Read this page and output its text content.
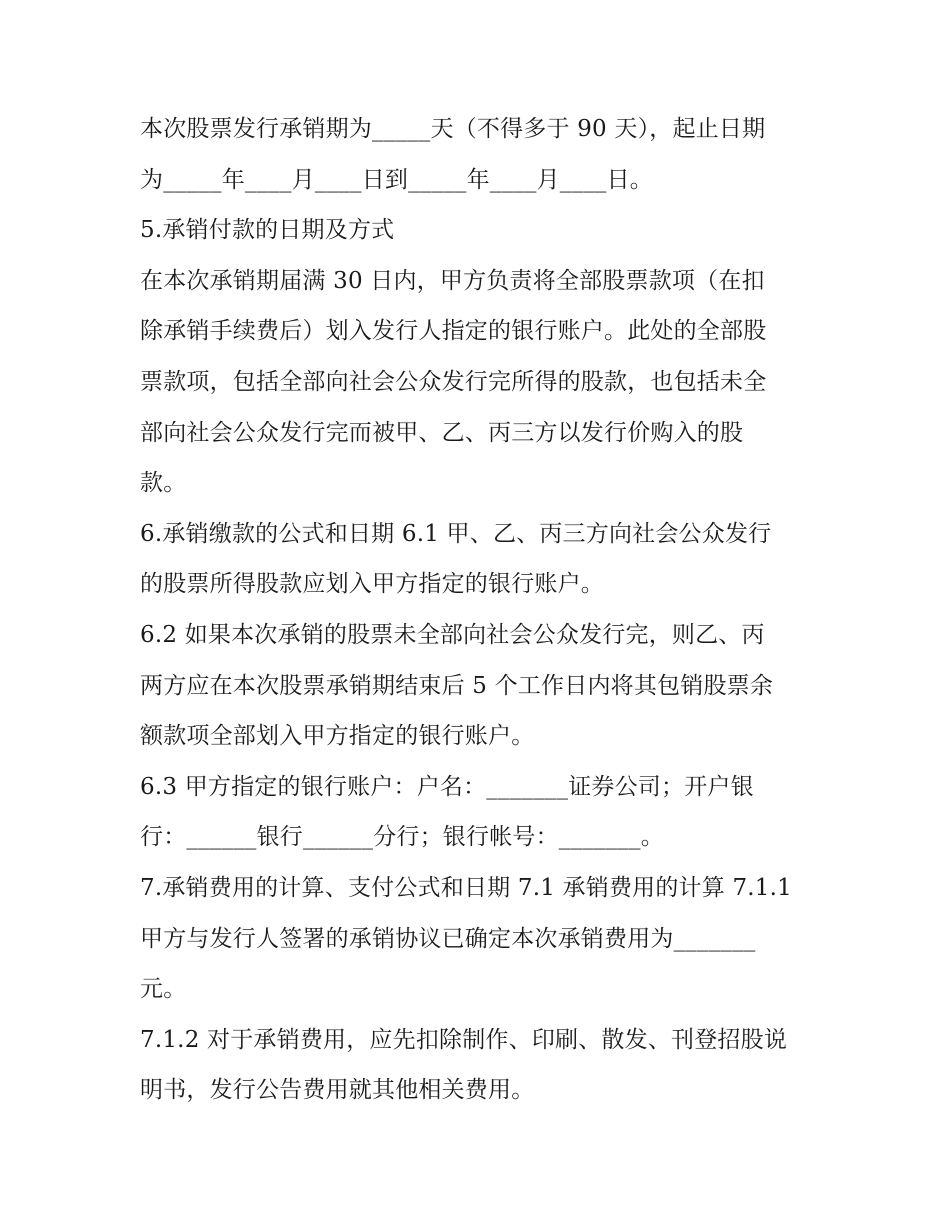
本次股票发行承销期为_____天（不得多于 90 天），起止日期
为_____年____月____日到_____年____月____日。
5.承销付款的日期及方式
在本次承销期届满 30 日内，甲方负责将全部股票款项（在扣
除承销手续费后）划入发行人指定的银行账户。此处的全部股
票款项，包括全部向社会公众发行完所得的股款，也包括未全
部向社会公众发行完而被甲、乙、丙三方以发行价购入的股
款。
6.承销缴款的公式和日期 6.1 甲、乙、丙三方向社会公众发行
的股票所得股款应划入甲方指定的银行账户。
6.2 如果本次承销的股票未全部向社会公众发行完，则乙、丙
两方应在本次股票承销期结束后 5 个工作日内将其包销股票余
额款项全部划入甲方指定的银行账户。
6.3 甲方指定的银行账户：户名：_______证券公司；开户银
行：______银行______分行；银行帐号：_______。
7.承销费用的计算、支付公式和日期 7.1 承销费用的计算 7.1.1
甲方与发行人签署的承销协议已确定本次承销费用为_______
元。
7.1.2 对于承销费用，应先扣除制作、印刷、散发、刊登招股说
明书，发行公告费用就其他相关费用。
